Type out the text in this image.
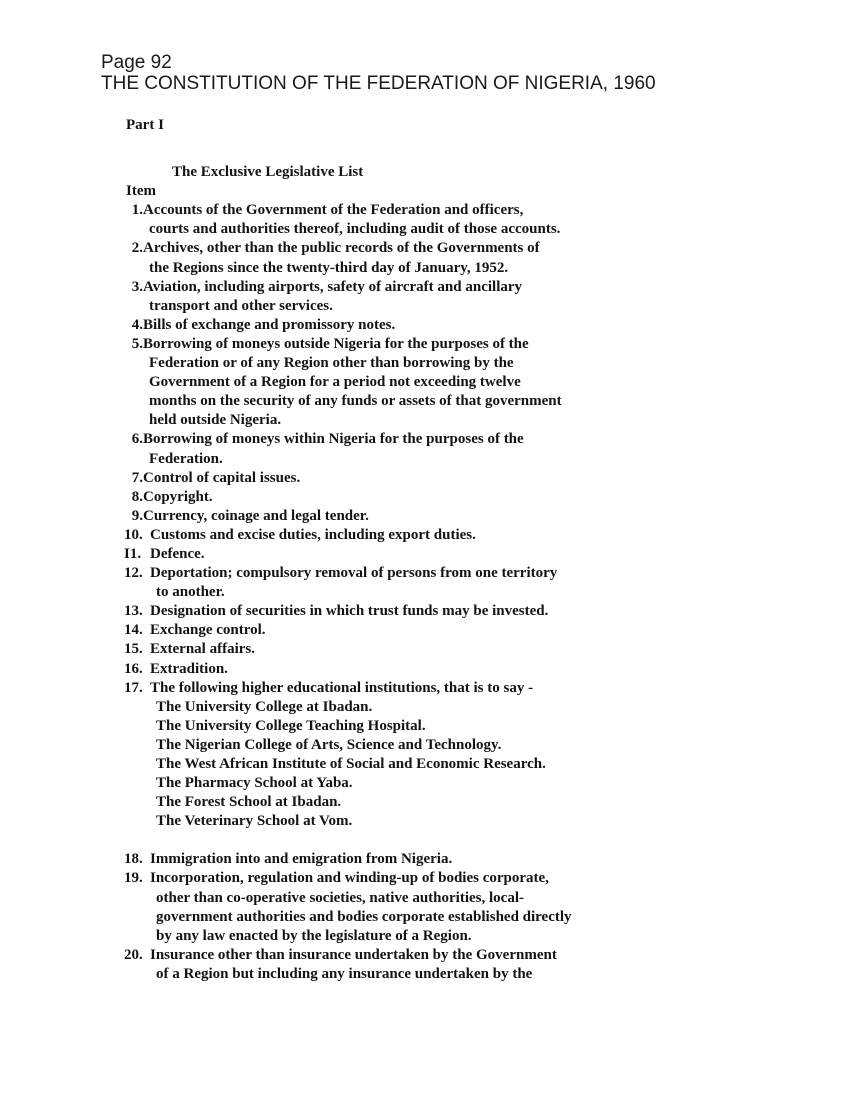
Page 92
THE CONSTITUTION OF THE FEDERATION OF NIGERIA, 1960
Part I
The Exclusive Legislative List
Item
1. Accounts of the Government of the Federation and officers,
courts and authorities thereof, including audit of those accounts.
2. Archives, other than the public records of the Governments of
the Regions since the twenty-third day of January, 1952.
3. Aviation, including airports, safety of aircraft and ancillary
transport and other services.
4. Bills of exchange and promissory notes.
5. Borrowing of moneys outside Nigeria for the purposes of the
Federation or of any Region other than borrowing by the
Government of a Region for a period not exceeding twelve
months on the security of any funds or assets of that government
held outside Nigeria.
6. Borrowing of moneys within Nigeria for the purposes of the
Federation.
7. Control of capital issues.
8. Copyright.
9. Currency, coinage and legal tender.
10. Customs and excise duties, including export duties.
I1. Defence.
12. Deportation; compulsory removal of persons from one territory
to another.
13. Designation of securities in which trust funds may be invested.
14. Exchange control.
15. External affairs.
16. Extradition.
17. The following higher educational institutions, that is to say -
The University College at Ibadan.
The University College Teaching Hospital.
The Nigerian College of Arts, Science and Technology.
The West African Institute of Social and Economic Research.
The Pharmacy School at Yaba.
The Forest School at Ibadan.
The Veterinary School at Vom.
18. Immigration into and emigration from Nigeria.
19. Incorporation, regulation and winding-up of bodies corporate,
other than co-operative societies, native authorities, local-
government authorities and bodies corporate established directly
by any law enacted by the legislature of a Region.
20. Insurance other than insurance undertaken by the Government
of a Region but including any insurance undertaken by the
